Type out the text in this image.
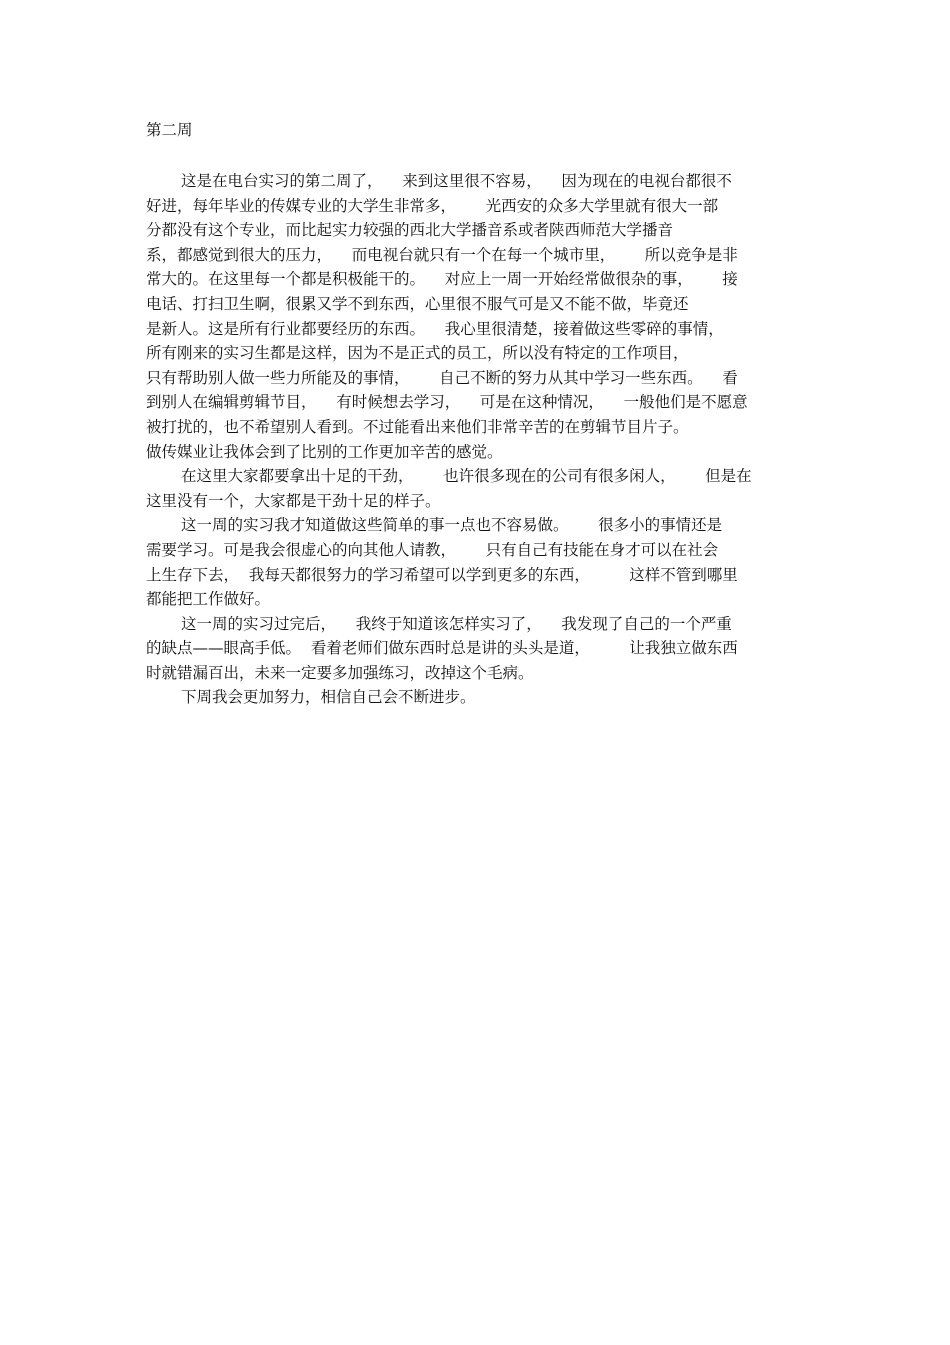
第二周
这是在电台实习的第二周了，    来到这里很不容易，    因为现在的电视台都很不
好进，每年毕业的传媒专业的大学生非常多，      光西安的众多大学里就有很大一部
分都没有这个专业，而比起实力较强的西北大学播音系或者陕西师范大学播音
系，都感觉到很大的压力，    而电视台就只有一个在每一个城市里，      所以竞争是非
常大的。在这里每一个都是积极能干的。    对应上一周一开始经常做很杂的事，      接
电话、打扫卫生啊，很累又学不到东西，心里很不服气可是又不能不做，毕竟还
是新人。这是所有行业都要经历的东西。    我心里很清楚，接着做这些零碎的事情，
所有刚来的实习生都是这样，因为不是正式的员工，所以没有特定的工作项目，
只有帮助别人做一些力所能及的事情，      自己不断的努力从其中学习一些东西。    看
到别人在编辑剪辑节目，    有时候想去学习，    可是在这种情况，    一般他们是不愿意
被打扰的，也不希望别人看到。不过能看出来他们非常辛苦的在剪辑节目片子。
做传媒业让我体会到了比别的工作更加辛苦的感觉。
在这里大家都要拿出十足的干劲，      也许很多现在的公司有很多闲人，      但是在
这里没有一个，大家都是干劲十足的样子。
这一周的实习我才知道做这些简单的事一点也不容易做。      很多小的事情还是
需要学习。可是我会很虚心的向其他人请教，      只有自己有技能在身才可以在社会
上生存下去，  我每天都很努力的学习希望可以学到更多的东西，        这样不管到哪里
都能把工作做好。
这一周的实习过完后，    我终于知道该怎样实习了，    我发现了自己的一个严重
的缺点——眼高手低。  看着老师们做东西时总是讲的头头是道，        让我独立做东西
时就错漏百出，未来一定要多加强练习，改掉这个毛病。
下周我会更加努力，相信自己会不断进步。
